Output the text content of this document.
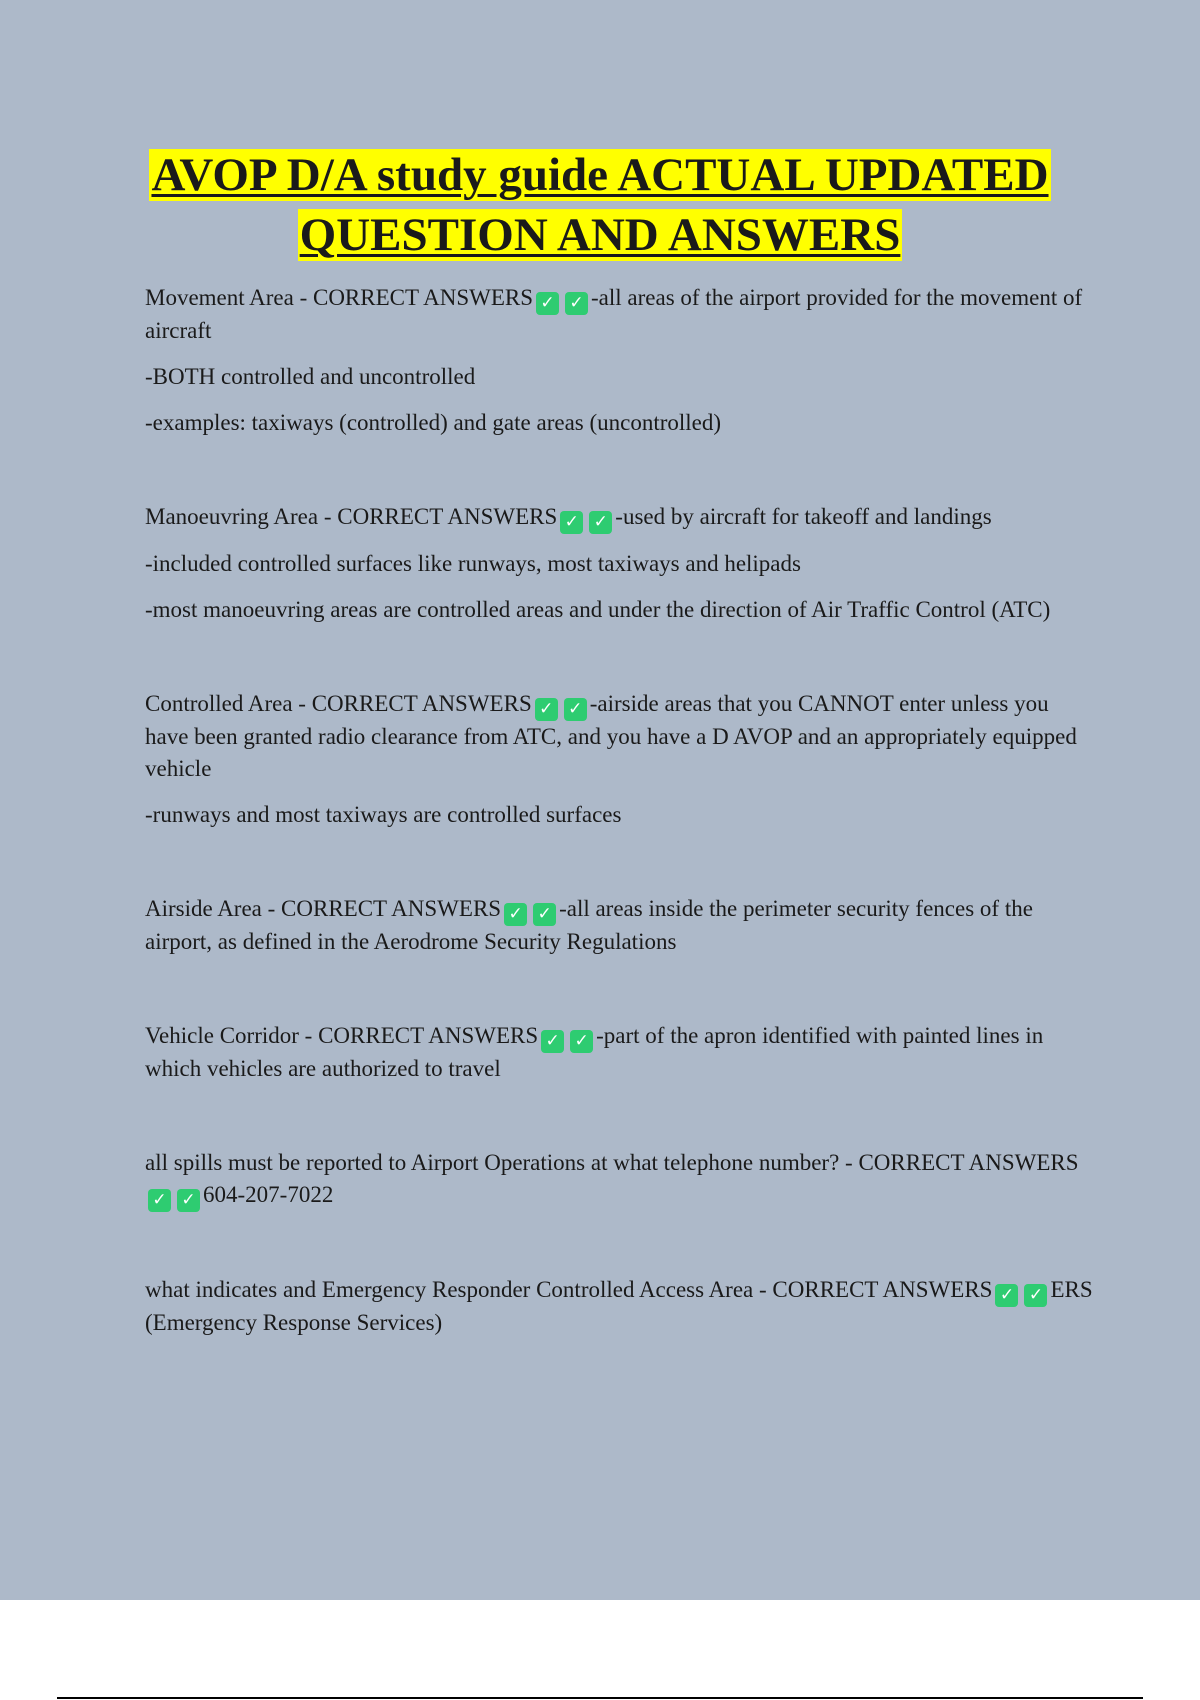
AVOP D/A study guide ACTUAL UPDATED
QUESTION AND ANSWERS

Movement Area - CORRECT ANSWERS ✓ ✓ -all areas of the airport provided for the movement of aircraft

-BOTH controlled and uncontrolled

-examples: taxiways (controlled) and gate areas (uncontrolled)

Manoeuvring Area - CORRECT ANSWERS ✓ ✓ -used by aircraft for takeoff and landings

-included controlled surfaces like runways, most taxiways and helipads

-most manoeuvring areas are controlled areas and under the direction of Air Traffic Control (ATC)

Controlled Area - CORRECT ANSWERS ✓ ✓ -airside areas that you CANNOT enter unless you have been granted radio clearance from ATC, and you have a D AVOP and an appropriately equipped vehicle

-runways and most taxiways are controlled surfaces

Airside Area - CORRECT ANSWERS ✓ ✓ -all areas inside the perimeter security fences of the airport, as defined in the Aerodrome Security Regulations

Vehicle Corridor - CORRECT ANSWERS ✓ ✓ -part of the apron identified with painted lines in which vehicles are authorized to travel

all spills must be reported to Airport Operations at what telephone number? - CORRECT ANSWERS✓ ✓ 604-207-7022

what indicates and Emergency Responder Controlled Access Area - CORRECT ANSWERS ✓ ✓ ERS (Emergency Response Services)
